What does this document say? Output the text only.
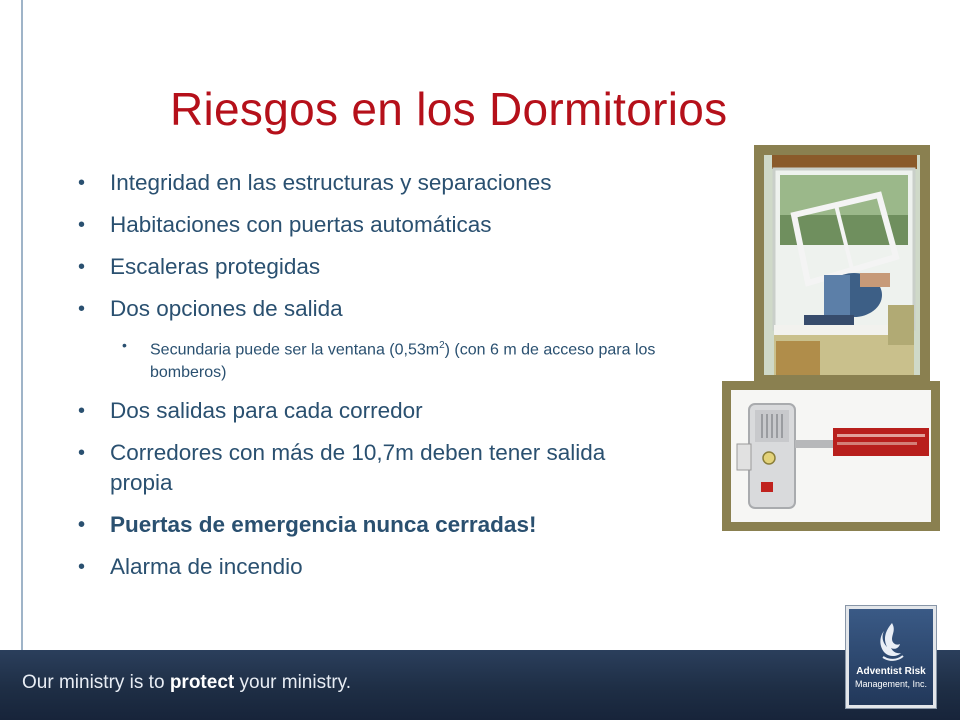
Riesgos en los Dormitorios
• Integridad en las estructuras y separaciones
• Habitaciones con puertas automáticas
• Escaleras protegidas
• Dos opciones de salida
• Secundaria puede ser la ventana $(0,53m^2)$ (con 6 m de acceso para los bomberos)
• Dos salidas para cada corredor
• Corredores con más de 10,7m deben tener salida propia
• Puertas de emergencia nunca cerradas!
• Alarma de incendio
Our ministry is to protect your ministry.
Adventist Risk
Management, Inc.
